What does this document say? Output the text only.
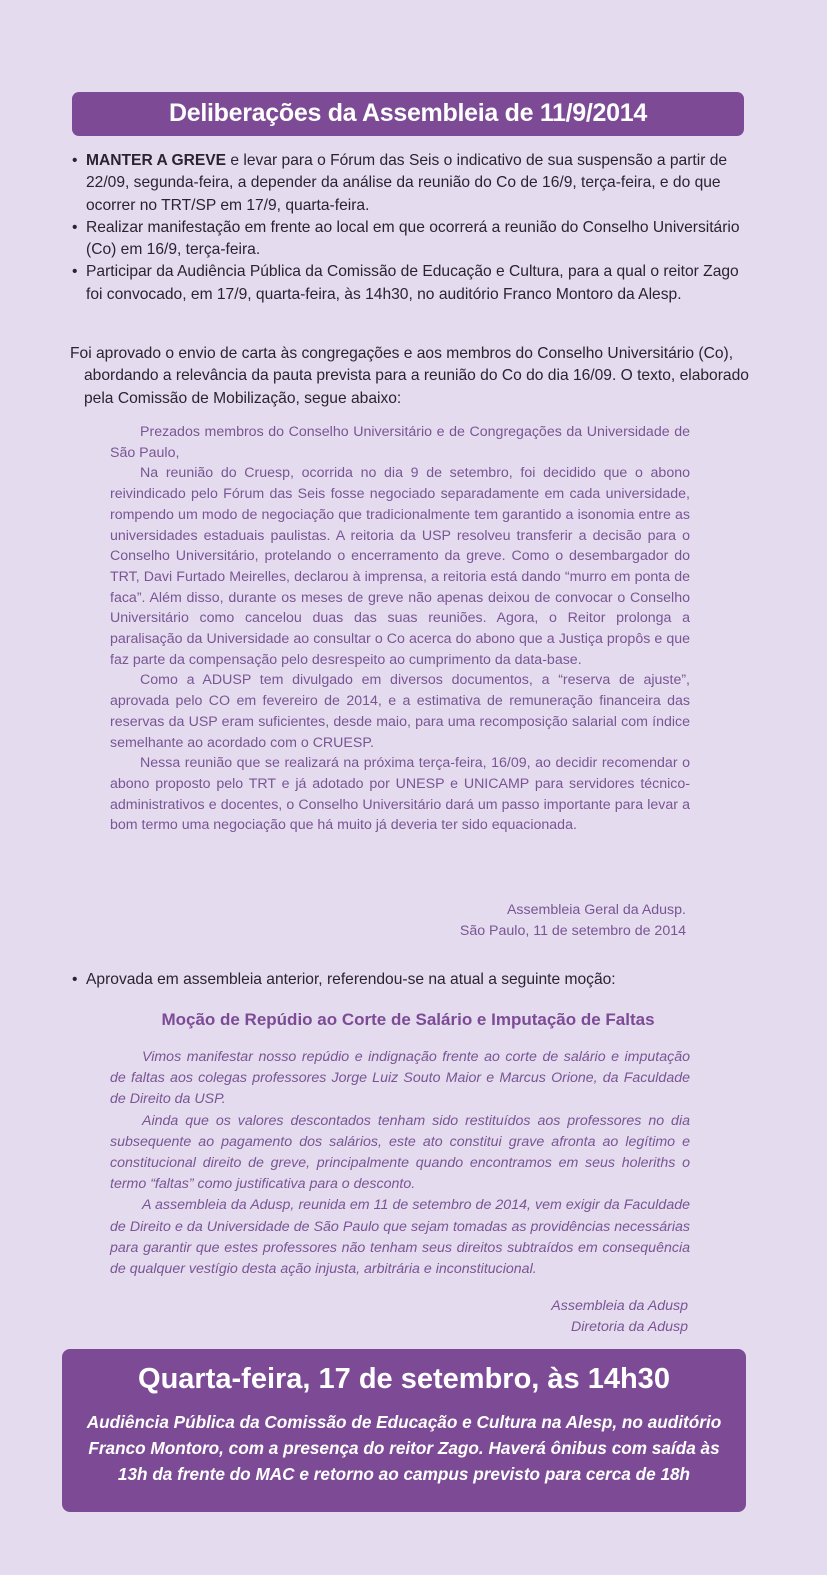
Deliberações da Assembleia de 11/9/2014
• MANTER A GREVE e levar para o Fórum das Seis o indicativo de sua suspensão a partir de 22/09, segunda-feira, a depender da análise da reunião do Co de 16/9, terça-feira, e do que ocorrer no TRT/SP em 17/9, quarta-feira.
• Realizar manifestação em frente ao local em que ocorrerá a reunião do Conselho Universitário (Co) em 16/9, terça-feira.
• Participar da Audiência Pública da Comissão de Educação e Cultura, para a qual o reitor Zago foi convocado, em 17/9, quarta-feira, às 14h30, no auditório Franco Montoro da Alesp.

Foi aprovado o envio de carta às congregações e aos membros do Conselho Universitário (Co), abordando a relevância da pauta prevista para a reunião do Co do dia 16/09. O texto, elaborado pela Comissão de Mobilização, segue abaixo:

Prezados membros do Conselho Universitário e de Congregações da Universidade de São Paulo,

Na reunião do Cruesp, ocorrida no dia 9 de setembro, foi decidido que o abono reivindicado pelo Fórum das Seis fosse negociado separadamente em cada universidade, rompendo um modo de negociação que tradicionalmente tem garantido a isonomia entre as universidades estaduais paulistas. A reitoria da USP resolveu transferir a decisão para o Conselho Universitário, protelando o encerramento da greve. Como o desembargador do TRT, Davi Furtado Meirelles, declarou à imprensa, a reitoria está dando “murro em ponta de faca”. Além disso, durante os meses de greve não apenas deixou de convocar o Conselho Universitário como cancelou duas das suas reuniões. Agora, o Reitor prolonga a paralisação da Universidade ao consultar o Co acerca do abono que a Justiça propôs e que faz parte da compensação pelo desrespeito ao cumprimento da data-base.

Como a ADUSP tem divulgado em diversos documentos, a “reserva de ajuste”, aprovada pelo CO em fevereiro de 2014, e a estimativa de remuneração financeira das reservas da USP eram suficientes, desde maio, para uma recomposição salarial com índice semelhante ao acordado com o CRUESP.

Nessa reunião que se realizará na próxima terça-feira, 16/09, ao decidir recomendar o abono proposto pelo TRT e já adotado por UNESP e UNICAMP para servidores técnico-administrativos e docentes, o Conselho Universitário dará um passo importante para levar a bom termo uma negociação que há muito já deveria ter sido equacionada.

Assembleia Geral da Adusp.
São Paulo, 11 de setembro de 2014

• Aprovada em assembleia anterior, referendou-se na atual a seguinte moção:

Moção de Repúdio ao Corte de Salário e Imputação de Faltas

Vimos manifestar nosso repúdio e indignação frente ao corte de salário e imputação de faltas aos colegas professores Jorge Luiz Souto Maior e Marcus Orione, da Faculdade de Direito da USP.

Ainda que os valores descontados tenham sido restituídos aos professores no dia subsequente ao pagamento dos salários, este ato constitui grave afronta ao legítimo e constitucional direito de greve, principalmente quando encontramos em seus holeriths o termo “faltas” como justificativa para o desconto.

A assembleia da Adusp, reunida em 11 de setembro de 2014, vem exigir da Faculdade de Direito e da Universidade de São Paulo que sejam tomadas as providências necessárias para garantir que estes professores não tenham seus direitos subtraídos em consequência de qualquer vestígio desta ação injusta, arbitrária e inconstitucional.

Assembleia da Adusp
Diretoria da Adusp
Quarta-feira, 17 de setembro, às 14h30
Audiência Pública da Comissão de Educação e Cultura na Alesp, no auditório Franco Montoro, com a presença do reitor Zago. Haverá ônibus com saída às 13h da frente do MAC e retorno ao campus previsto para cerca de 18h
